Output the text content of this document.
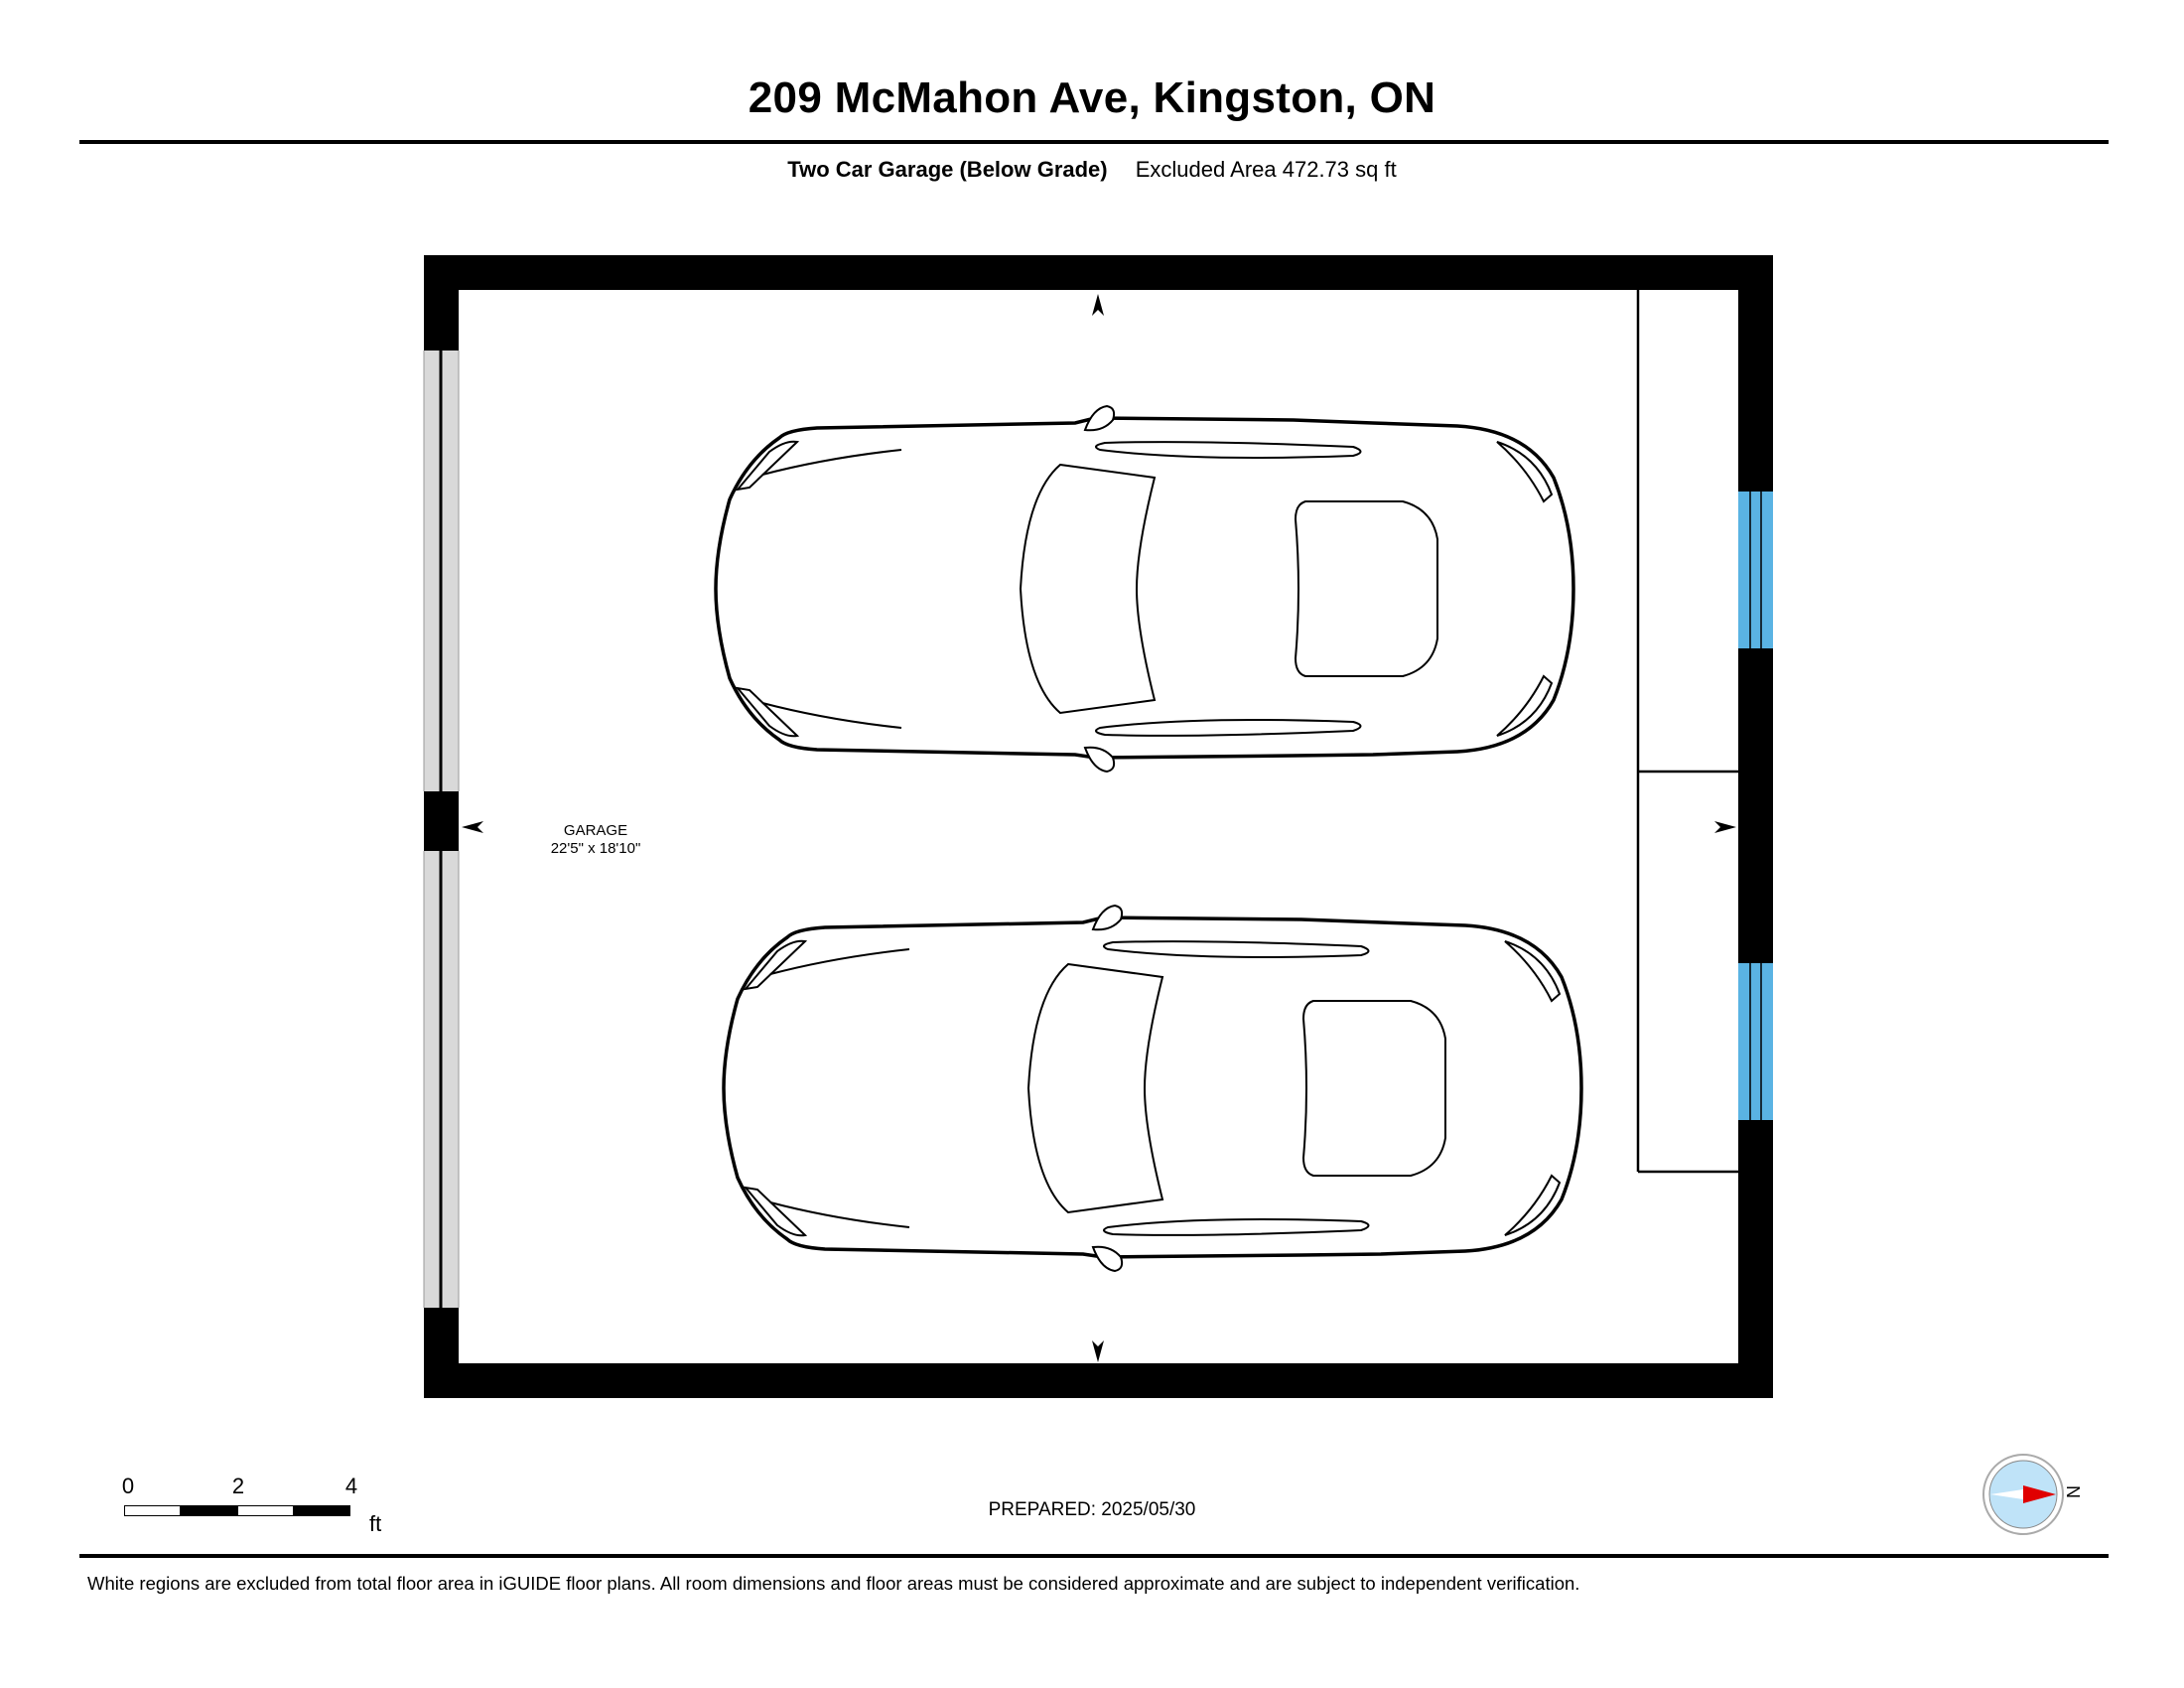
209 McMahon Ave, Kingston, ON
Two Car Garage (Below Grade) Excluded Area 472.73 sq ft
GARAGE
22'5" x 18'10"
0	2	4
ft
PREPARED: 2025/05/30
N
White regions are excluded from total floor area in iGUIDE floor plans. All room dimensions and floor areas must be considered approximate and are subject to independent verification.
